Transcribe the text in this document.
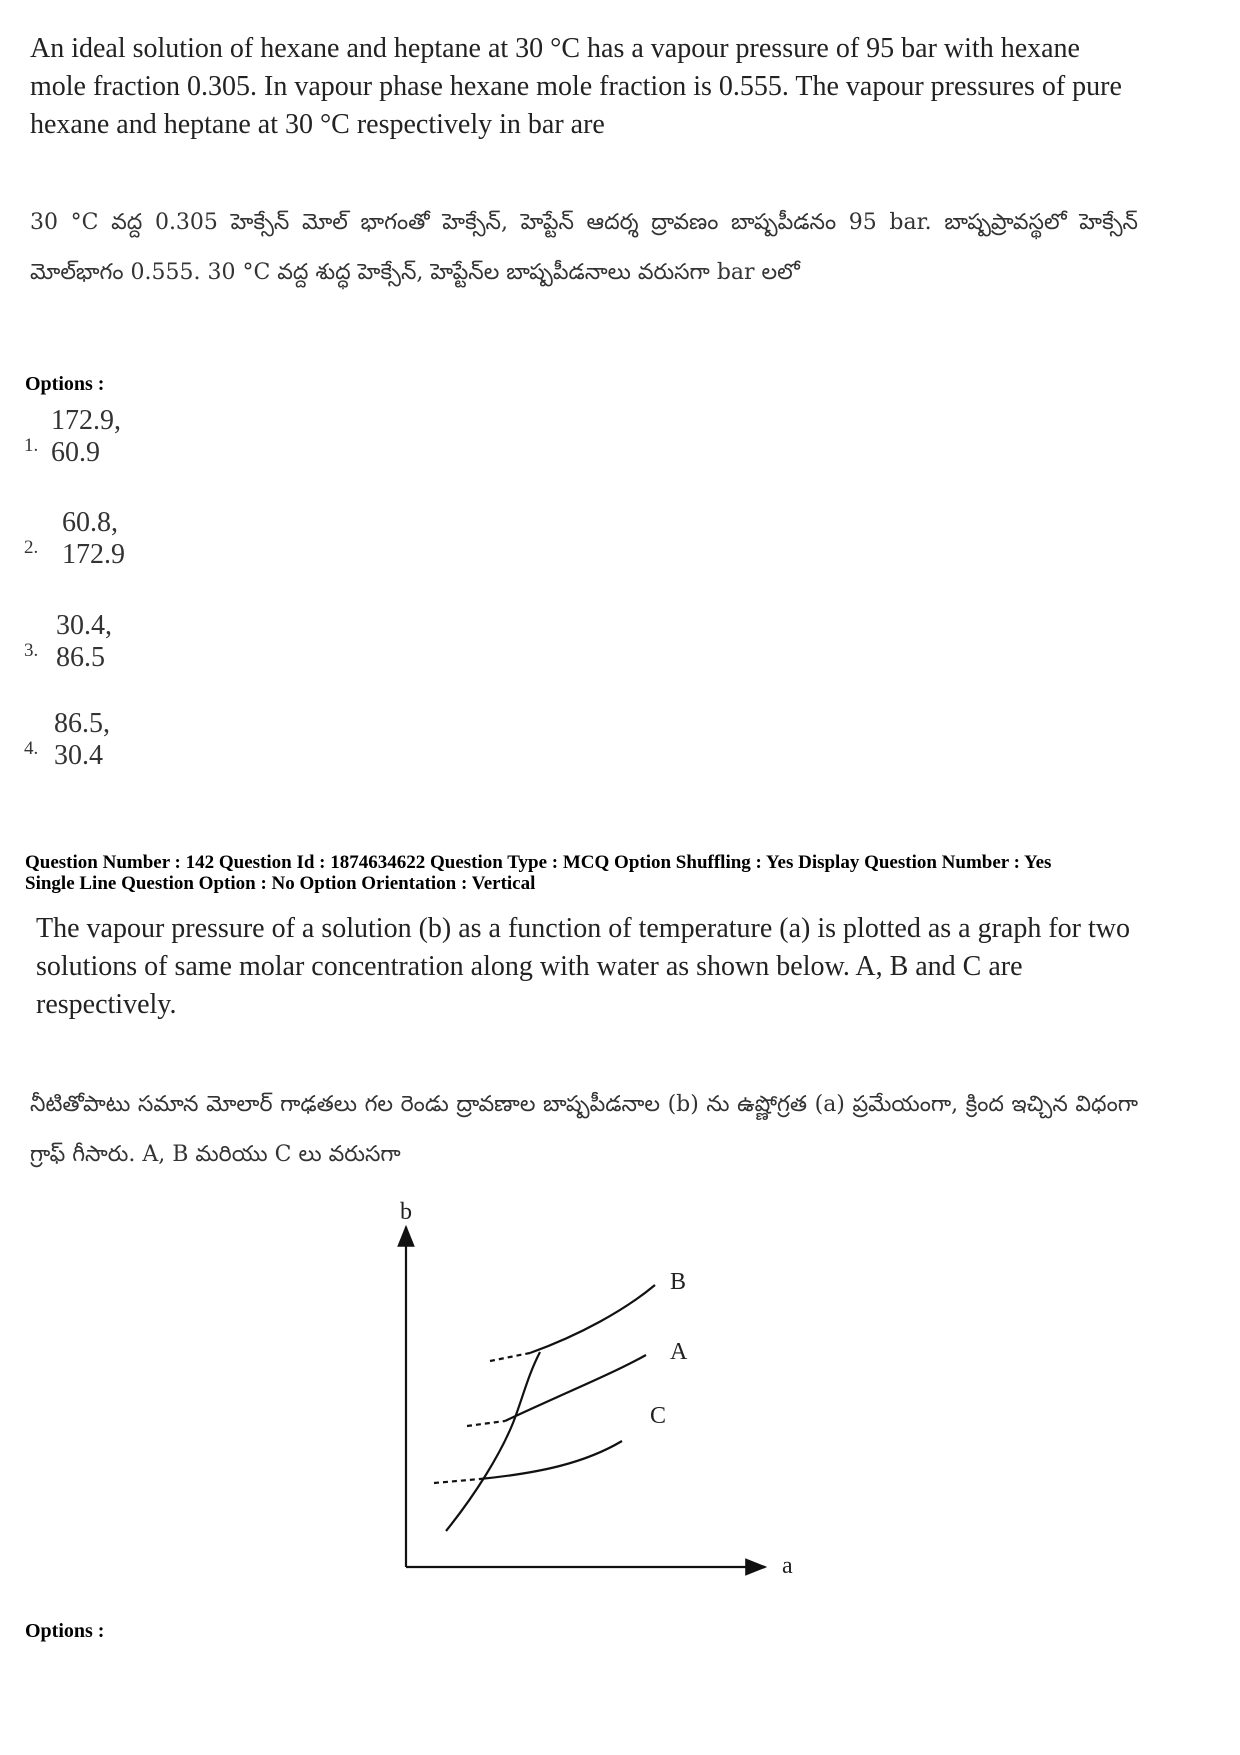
An ideal solution of hexane and heptane at 30 °C has a vapour pressure of 95 bar with hexane mole fraction 0.305. In vapour phase hexane mole fraction is 0.555. The vapour pressures of pure hexane and heptane at 30 °C respectively in bar are
30 °C వద్ద 0.305 హెక్సేన్ మోల్ భాగంతో హెక్సేన్, హెప్టేన్ ఆదర్శ ద్రావణం బాష్పపీడనం 95 bar. బాష్పప్రావస్థలో హెక్సేన్ మోల్‌భాగం 0.555. 30 °C వద్ద శుద్ధ హెక్సేన్, హెప్టేన్‌ల బాష్పపీడనాలు వరుసగా bar లలో
Options :
1.
172.9, 60.9
2.
60.8, 172.9
3.
30.4, 86.5
4.
86.5, 30.4
Question Number : 142 Question Id : 1874634622 Question Type : MCQ Option Shuffling : Yes Display Question Number : Yes
Single Line Question Option : No Option Orientation : Vertical
The vapour pressure of a solution (b) as a function of temperature (a) is plotted as a graph for two solutions of same molar concentration along with water as shown below. A, B and C are respectively.
నీటితోపాటు సమాన మోలార్ గాఢతలు గల రెండు ద్రావణాల బాష్పపీడనాల (b) ను ఉష్ణోగ్రత (a) ప్రమేయంగా, క్రింద ఇచ్చిన విధంగా గ్రాఫ్ గీసారు. A, B మరియు C లు వరుసగా
b
a
B
A
C
Options :
